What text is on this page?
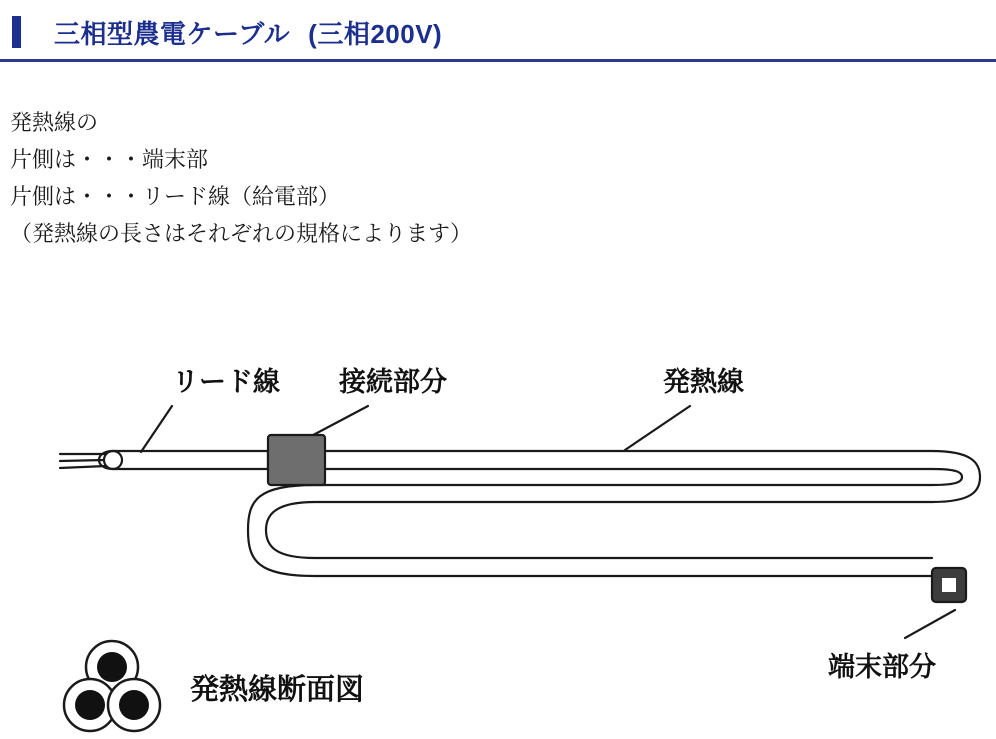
三相型農電ケーブル (三相200V)
発熱線の
片側は・・・端末部
片側は・・・リード線（給電部）
（発熱線の長さはそれぞれの規格によります）
リード線 接続部分	発熱線
端末部分
発熱線断面図
